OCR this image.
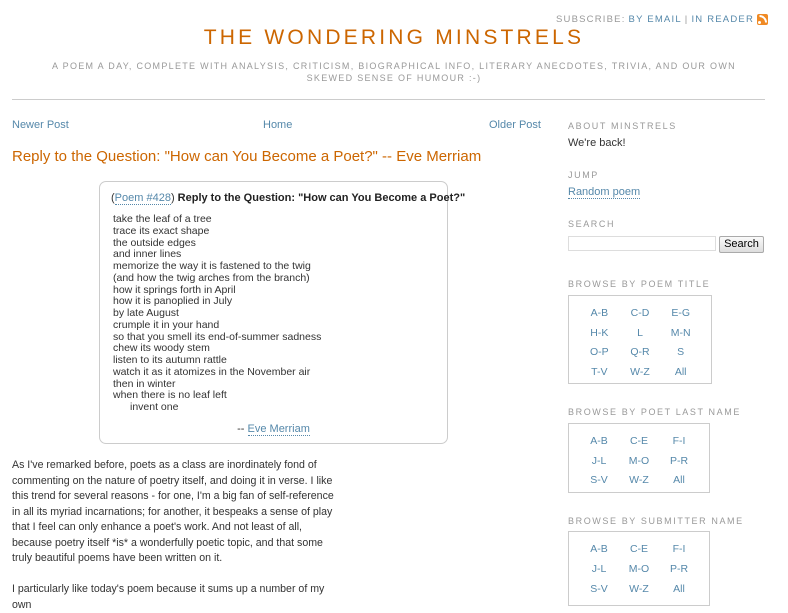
SUBSCRIBE: BY EMAIL | IN READER
THE WONDERING MINSTRELS
A POEM A DAY, COMPLETE WITH ANALYSIS, CRITICISM, BIOGRAPHICAL INFO, LITERARY ANECDOTES, TRIVIA, AND OUR OWN SKEWED SENSE OF HUMOUR :-)
Newer Post	Home	Older Post
Reply to the Question: "How can You Become a Poet?" -- Eve Merriam
(Poem #428) Reply to the Question: "How can You Become a Poet?"
take the leaf of a tree
trace its exact shape
the outside edges
and inner lines
memorize the way it is fastened to the twig
(and how the twig arches from the branch)
how it springs forth in April
how it is panoplied in July
by late August
crumple it in your hand
so that you smell its end-of-summer sadness
chew its woody stem
listen to its autumn rattle
watch it as it atomizes in the November air
then in winter
when there is no leaf left
invent one
-- Eve Merriam
As I've remarked before, poets as a class are inordinately fond of commenting on the nature of poetry itself, and doing it in verse. I like this trend for several reasons - for one, I'm a big fan of self-reference in all its myriad incarnations; for another, it bespeaks a sense of play that I feel can only enhance a poet's work. And not least of all, because poetry itself *is* a wonderfully poetic topic, and that some truly beautiful poems have been written on it.
I particularly like today's poem because it sums up a number of my own
ABOUT MINSTRELS
We're back!
JUMP
Random poem
SEARCH
Search
BROWSE BY POEM TITLE
A-B	C-D	E-G
H-K	L	M-N
O-P	Q-R	S
T-V	W-Z	All
BROWSE BY POET LAST NAME
A-B	C-E	F-I
J-L	M-O	P-R
S-V	W-Z	All
BROWSE BY SUBMITTER NAME
A-B	C-E	F-I
J-L	M-O	P-R
S-V	W-Z	All
